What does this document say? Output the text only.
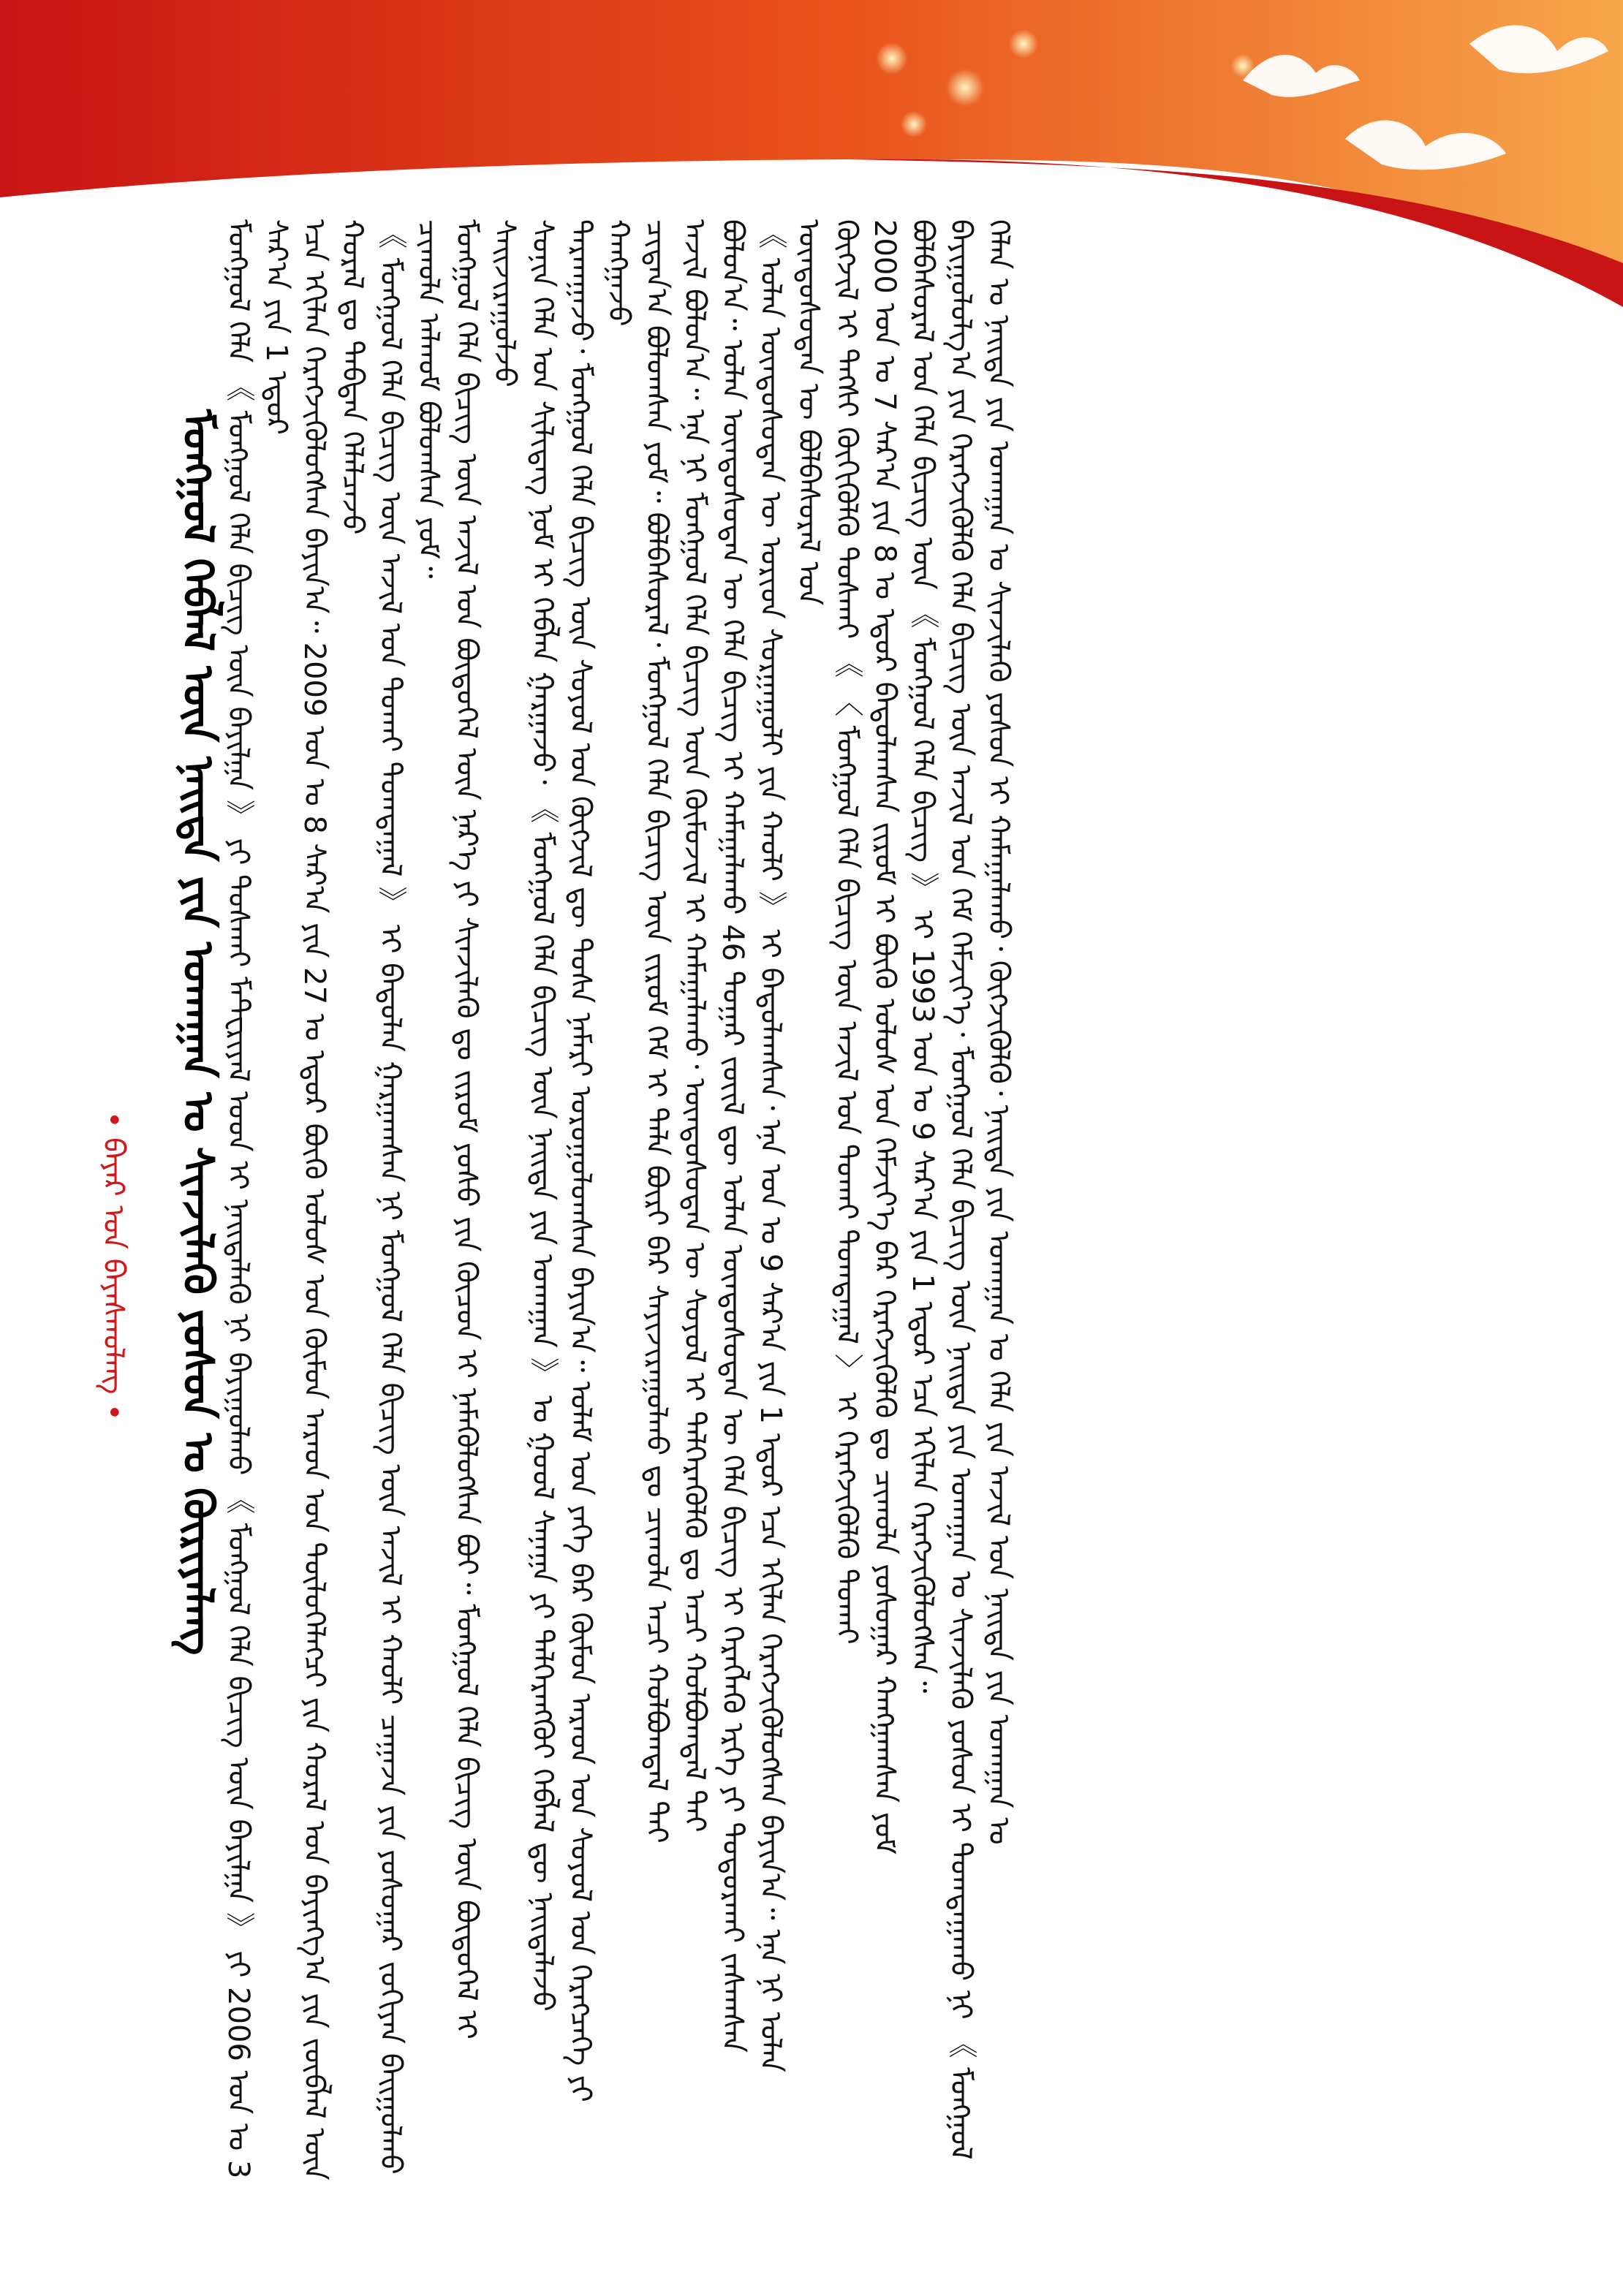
ᠮᠣᠩᠭᠣᠯ ᠬᠡᠪᠯᠡᠯ ᠦᠨ ᠨᠡᠢᠲᠡ ᠶᠢᠨ ᠤᠬᠠᠭᠠᠨ ᠤ ᠰᠢᠨᠵᠢᠯᠡᠬᠦ ᠶᠣᠰᠣᠨ ᠤ ᠬᠦᠷᠢᠶᠡᠯᠡᠩ
• ᠪᠠᠶᠠᠷ ᠤᠨ ᠪᠠᠶᠠᠰᠬᠤᠯᠠᠩ •	ᠮᠣᠩᠭᠣᠯ ᠬᠡᠯᠡ 《 ᠮᠣᠩᠭᠣᠯ ᠬᠡᠯᠡ ᠪᠢᠴᠢᠭ ᠦᠨ ᠪᠠᠶᠢᠯᠭᠠ 》 ᠶᠢ ᠲᠤᠰᠬᠠᠢ ᠮᠠᠲ᠋ᠧᠷᠢᠶᠠᠯ ᠤᠳ ᠢ ᠨᠡᠢᠲᠡᠯᠡᠬᠦ ᠨᠢ ᠪᠠᠶᠢᠭᠤᠯᠬᠤ 《 ᠮᠣᠩᠭᠣᠯ ᠬᠡᠯᠡ ᠪᠢᠴᠢᠭ ᠦᠨ ᠪᠠᠶᠢᠯᠭᠠ 》 ᠶᠢ 2006 ᠣᠨ ᠤ 3 ᠰᠠᠷ᠎ᠠ ᠶᠢᠨ 1 ᠡᠳᠦᠷ ᠡᠴᠡ ᠡᠬᠢᠯᠡᠨ ᠬᠡᠷᠡᠭᠵᠢᠭᠦᠯᠦᠭᠰᠡᠨ ᠪᠠᠶᠢᠨ᠎ᠠ᠃ 2009 ᠣᠨ ᠤ 8 ᠰᠠᠷ᠎ᠠ ᠶᠢᠨ 27 ᠤ ᠡᠳᠦᠷ ᠪᠦᠬᠦ ᠤᠯᠤᠰ ᠤᠨ ᠬᠦᠮᠦᠨ ᠠᠷᠠᠳ ᠤᠨ ᠲᠥᠯᠦᠭᠡᠯᠡᠭᠴᠢ ᠶᠢᠨ ᠬᠤᠷᠠᠯ ᠤᠨ ᠪᠠᠶᠢᠩᠭ᠎ᠠ ᠶᠢᠨ ᠵᠥᠪᠯᠡᠯ ᠦᠨ ᠬᠤᠷᠠᠯ ᠳᠤ ᠳᠠᠪᠲᠠᠨ ᠬᠡᠯᠡᠯᠴᠡᠵᠦ 《 ᠮᠣᠩᠭᠣᠯ ᠬᠡᠯᠡ ᠪᠢᠴᠢᠭ ᠦᠨ ᠠᠵᠢᠯ ᠤᠨ ᠲᠤᠬᠠᠢ ᠲᠣᠭᠲᠠᠭᠠᠯ 》 ᠢ ᠪᠠᠲᠤᠯᠠᠨ ᠭᠠᠷᠭᠠᠭᠰᠠᠨ ᠨᠢ ᠮᠣᠩᠭᠣᠯ ᠬᠡᠯᠡ ᠪᠢᠴᠢᠭ ᠦᠨ ᠠᠵᠢᠯ ᠢ ᠬᠠᠤᠯᠢ ᠴᠠᠭᠠᠵᠠ ᠶᠢᠨ ᠶᠣᠰᠣᠭᠠᠷ ᠵᠣᠬᠢᠶᠠᠨ ᠪᠠᠢᠭᠤᠯᠬᠤ ᠴᠢᠬᠤᠯᠠ ᠠᠯᠬᠤᠮ ᠪᠣᠯᠤᠭᠰᠠᠨ ᠶᠤᠮ᠃ ᠮᠣᠩᠭᠣᠯ ᠬᠡᠯᠡ ᠪᠢᠴᠢᠭ ᠦᠨ ᠠᠵᠢᠯ ᠤᠨ ᠪᠦᠲᠦᠭᠡᠯ ᠦᠨ ᠨᠡᠷ᠎ᠡ ᠶᠢ ᠰᠢᠨᠵᠢᠯᠡᠬᠦ ᠳᠤ ᠵᠢᠷᠤᠮ ᠶᠣᠰᠣ ᠶᠢᠨ ᠬᠦᠴᠦᠨ ᠢ ᠨᠡᠮᠡᠭᠦᠯᠦᠭᠰᠡᠨ ᠪᠤᠢ᠃ ᠮᠣᠩᠭᠣᠯ ᠬᠡᠯᠡ ᠪᠢᠴᠢᠭ ᠦᠨ ᠪᠦᠲᠦᠭᠡᠯ ᠢ ᠰᠠᠢᠵᠢᠷᠠᠭᠤᠯᠵᠤ ᠰᠣᠨᠢᠨ ᠬᠡᠯᠡ ᠤᠨ ᠰᠢᠯᠢᠳᠡᠭ ᠨᠣᠮ ᠢ ᠬᠡᠪᠯᠡᠨ ᠭᠠᠷᠭᠠᠵᠤ᠂ 《 ᠮᠣᠩᠭᠣᠯ ᠬᠡᠯᠡ ᠪᠢᠴᠢᠭ ᠦᠨ ᠨᠡᠢᠲᠡ ᠶᠢᠨ ᠤᠬᠠᠭᠠᠨ 》 ᠤ ᠭᠣᠤᠯ ᠰᠠᠨᠠᠭᠠ ᠶᠢ ᠳᠡᠯᠭᠡᠷᠡᠩᠭᠦᠢ ᠬᠡᠪᠯᠡᠯ ᠳᠦ ᠨᠡᠢᠲᠡᠯᠡᠵᠦ ᠲᠠᠷᠬᠠᠭᠠᠵᠤ᠂ ᠮᠣᠩᠭᠣᠯ ᠬᠡᠯᠡ ᠪᠢᠴᠢᠭ ᠦᠨ ᠰᠣᠶᠣᠯ ᠤᠨ ᠬᠥᠭᠵᠢᠯ ᠳᠦ ᠲᠤᠰᠠ ᠨᠡᠮᠡᠷᠢ ᠣᠷᠣᠭᠤᠯᠤᠭᠰᠠᠨ ᠪᠠᠶᠢᠨ᠎ᠠ᠃ ᠤᠯᠠᠮ ᠤᠨ ᠶᠡᠬᠡ ᠪᠠᠷ ᠬᠦᠮᠦᠨ ᠠᠷᠠᠳ ᠤᠨ ᠰᠣᠶᠣᠯ ᠤᠨ ᠬᠡᠷᠡᠭᠴᠡᠭᠡ ᠶᠢ ᠬᠠᠩᠭᠠᠵᠤ ᠴᠢᠳᠠᠨ᠎ᠠ ᠪᠣᠯᠤᠭᠰᠠᠨ ᠶᠤᠮ᠃ ᠪᠣᠯᠪᠠᠰᠤᠷᠠᠯ᠂ ᠮᠣᠩᠭᠣᠯ ᠬᠡᠯᠡ ᠪᠢᠴᠢᠭ ᠦᠨ ᠵᠢᠷᠤᠮ ᠬᠡᠮ ᠢ ᠲᠠᠯᠠ ᠪᠦᠷᠢ ᠪᠡᠷ ᠰᠠᠶᠢᠵᠢᠷᠠᠭᠤᠯᠬᠤ ᠳᠤ ᠴᠢᠬᠤᠯᠠ ᠠᠴᠢ ᠬᠣᠯᠪᠣᠭᠳᠠᠯ ᠲᠠᠢ ᠠᠵᠢᠯ ᠪᠣᠯᠤᠨ᠎ᠠ᠃ ᠡᠨᠡ ᠨᠢ ᠮᠣᠩᠭᠣᠯ ᠬᠡᠯᠡ ᠪᠢᠴᠢᠭ ᠦᠨ ᠬᠦᠮᠦᠵᠢᠯ ᠢ ᠬᠠᠮᠠᠭᠠᠯᠠᠬᠤ᠂ ᠦᠨᠳᠦᠰᠦᠲᠡᠨ ᠦ ᠰᠣᠶᠣᠯ ᠢ ᠳᠡᠯᠭᠡᠷᠡᠭᠦᠯᠬᠦ ᠳᠤ ᠠᠴᠢ ᠬᠣᠯᠪᠣᠭᠳᠠᠯ ᠲᠠᠢ ᠪᠣᠯᠤᠨ᠎ᠠ᠃ ᠣᠯᠠᠨ ᠦᠨᠳᠦᠰᠦᠲᠡᠨ ᠦ ᠬᠡᠯᠡ ᠪᠢᠴᠢᠭ ᠢ ᠬᠠᠮᠠᠭᠠᠯᠠᠬᠤ 46 ᠳᠤᠭᠠᠷ ᠵᠦᠢᠯ ᠳᠦ ᠣᠯᠠᠨ ᠦᠨᠳᠦᠰᠦᠲᠡᠨ ᠦ ᠬᠡᠯᠡ ᠪᠢᠴᠢᠭ ᠢ ᠬᠡᠷᠡᠭᠯᠡᠬᠦ ᠡᠷᠬᠡ ᠶᠢ ᠲᠣᠳᠣᠷᠬᠠᠢ ᠵᠠᠰᠠᠭᠰᠠᠨ 《 ᠣᠯᠠᠨ ᠦᠨᠳᠦᠰᠦᠲᠡᠨ ᠦ ᠤᠷᠢᠳ ᠰᠤᠷᠭᠠᠭᠤᠯᠢ ᠶᠢᠨ ᠬᠠᠤᠯᠢ 》 ᠢ ᠪᠠᠲᠤᠯᠠᠭᠰᠠᠨ᠂ ᠡᠨᠡ ᠣᠨ ᠤ 9 ᠰᠠᠷ᠎ᠠ ᠶᠢᠨ 1 ᠡᠳᠦᠷ ᠡᠴᠡ ᠡᠬᠢᠯᠡᠨ ᠬᠡᠷᠡᠭᠵᠢᠭᠦᠯᠦᠭᠰᠡᠨ ᠪᠠᠶᠢᠨ᠎ᠠ᠃ ᠡᠨᠡ ᠨᠢ ᠣᠯᠠᠨ ᠦᠨᠳᠦᠰᠦᠲᠡᠨ ᠦ ᠪᠣᠯᠪᠠᠰᠤᠷᠠᠯ ᠤᠨ ᠬᠥᠭᠵᠢᠯ ᠢ ᠲᠡᠭᠰᠢ ᠬᠥᠬᠢᠭᠦᠯᠬᠦ ᠲᠤᠰᠬᠠᠢ 《 〈 ᠮᠣᠩᠭᠣᠯ ᠬᠡᠯᠡ ᠪᠢᠴᠢᠭ ᠦᠨ ᠠᠵᠢᠯ ᠤᠨ ᠲᠤᠬᠠᠢ ᠲᠣᠭᠲᠠᠭᠠᠯ 〉 ᠢ ᠬᠡᠷᠡᠭᠵᠢᠭᠦᠯᠬᠦ ᠲᠤᠬᠠᠢ 2000 ᠣᠨ ᠤ 7 ᠰᠠᠷ᠎ᠠ ᠶᠢᠨ 8 ᠤ ᠡᠳᠦᠷ ᠪᠠᠲᠤᠯᠠᠭᠰᠠᠨ ᠵᠢᠷᠤᠮ ᠢ ᠪᠦᠬᠦ ᠤᠯᠤᠰ ᠤᠨ ᠬᠡᠮᠵᠢᠶ᠎ᠡ ᠪᠡᠷ ᠬᠡᠷᠡᠭᠵᠢᠭᠦᠯᠬᠦ ᠳᠤ ᠴᠢᠬᠤᠯᠠ ᠶᠤᠰᠣᠭᠠᠷ ᠬᠠᠩᠭᠠᠭᠰᠠᠨ ᠶᠤᠮ ᠪᠣᠯᠪᠠᠰᠤᠷᠠᠯ ᠤᠨ ᠬᠡᠯᠡ ᠪᠢᠴᠢᠭ ᠦᠨ 《 ᠮᠣᠩᠭᠣᠯ ᠬᠡᠯᠡ ᠪᠢᠴᠢᠭ 》 ᠢ 1993 ᠣᠨ ᠤ 9 ᠰᠠᠷ᠎ᠠ ᠶᠢᠨ 1 ᠡᠳᠦᠷ ᠡᠴᠡ ᠡᠬᠢᠯᠡᠨ ᠬᠡᠷᠡᠭᠵᠢᠭᠦᠯᠦᠭᠰᠡᠨ᠃ ᠪᠠᠶᠢᠭᠤᠯᠤᠯᠭ᠎ᠠ ᠶᠢᠨ ᠬᠡᠷᠡᠭᠵᠢᠭᠦᠯᠬᠦ ᠬᠡᠯᠡ ᠪᠢᠴᠢᠭ ᠦᠨ ᠠᠵᠢᠯ ᠤᠨ ᠬᠡᠮ ᠬᠡᠮᠵᠢᠶ᠎ᠡ᠂ ᠮᠣᠩᠭᠣᠯ ᠬᠡᠯᠡ ᠪᠢᠴᠢᠭ ᠦᠨ ᠨᠡᠢᠲᠡ ᠶᠢᠨ ᠤᠬᠠᠭᠠᠨ ᠤ ᠰᠢᠨᠵᠢᠯᠡᠬᠦ ᠶᠣᠰᠣᠨ ᠢ ᠲᠣᠭᠲᠠᠭᠠᠬᠤ ᠨᠢ 《 ᠮᠣᠩᠭᠣᠯ ᠬᠡᠯᠡᠨ ᠤ ᠨᠡᠢᠲᠡ ᠶᠢᠨ ᠤᠬᠠᠭᠠᠨ ᠤ ᠰᠢᠨᠵᠢᠯᠡᠬᠦ ᠶᠣᠰᠣᠨ ᠢ ᠬᠠᠮᠠᠭᠠᠯᠠᠬᠤ᠂ ᠬᠥᠭᠵᠢᠭᠦᠯᠬᠦ᠂ ᠨᠡᠢᠲᠡ ᠶᠢᠨ ᠤᠬᠠᠭᠠᠨ ᠤ ᠬᠡᠯᠡ ᠶᠢᠨ ᠠᠵᠢᠯ ᠤᠨ ᠨᠡᠢᠲᠡ ᠶᠢᠨ ᠤᠬᠠᠭᠠᠨ ᠤ
